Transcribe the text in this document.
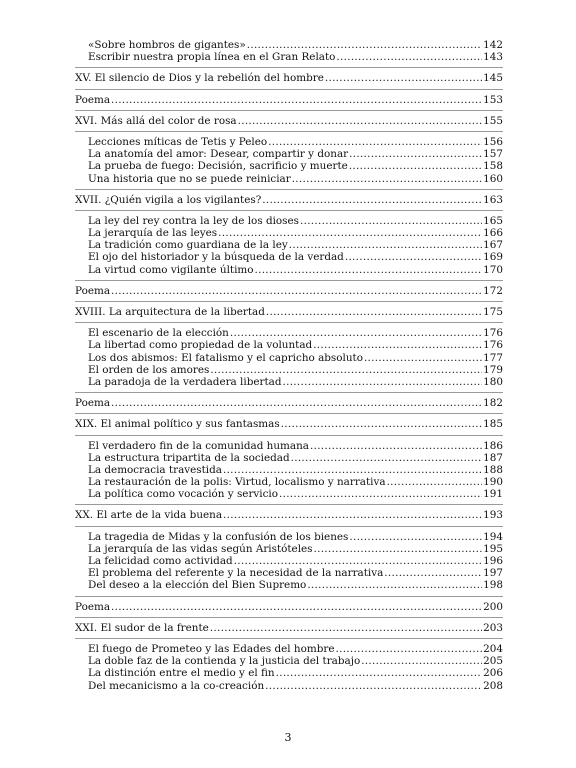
«Sobre hombros de gigantes» .....	142
Escribir nuestra propia línea en el Gran Relato .....	143
XV. El silencio de Dios y la rebelión del hombre .....	145
Poema .....	153
XVI. Más allá del color de rosa .....	155
Lecciones míticas de Tetis y Peleo .....	156
La anatomía del amor: Desear, compartir y donar .....	157
La prueba de fuego: Decisión, sacrificio y muerte .....	158
Una historia que no se puede reiniciar .....	160
XVII. ¿Quién vigila a los vigilantes? .....	163
La ley del rey contra la ley de los dioses .....	165
La jerarquía de las leyes .....	166
La tradición como guardiana de la ley .....	167
El ojo del historiador y la búsqueda de la verdad .....	169
La virtud como vigilante último .....	170
Poema .....	172
XVIII. La arquitectura de la libertad .....	175
El escenario de la elección .....	176
La libertad como propiedad de la voluntad .....	176
Los dos abismos: El fatalismo y el capricho absoluto .....	177
El orden de los amores .....	179
La paradoja de la verdadera libertad .....	180
Poema .....	182
XIX. El animal político y sus fantasmas .....	185
El verdadero fin de la comunidad humana .....	186
La estructura tripartita de la sociedad .....	187
La democracia travestida .....	188
La restauración de la polis: Virtud, localismo y narrativa .....	190
La política como vocación y servicio .....	191
XX. El arte de la vida buena .....	193
La tragedia de Midas y la confusión de los bienes .....	194
La jerarquía de las vidas según Aristóteles .....	195
La felicidad como actividad .....	196
El problema del referente y la necesidad de la narrativa .....	197
Del deseo a la elección del Bien Supremo .....	198
Poema .....	200
XXI. El sudor de la frente .....	203
El fuego de Prometeo y las Edades del hombre .....	204
La doble faz de la contienda y la justicia del trabajo .....	205
La distinción entre el medio y el fin .....	206
Del mecanicismo a la co-creación .....	208
3
